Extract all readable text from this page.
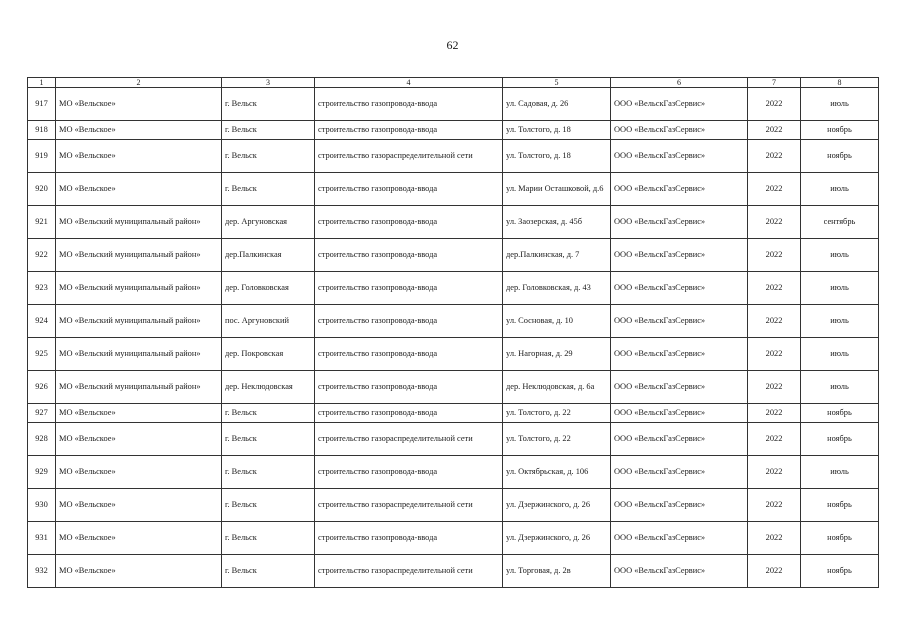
62
1	2	3	4	5	6	7	8
917	МО «Вельское»	г. Вельск	строительство газопровода-ввода	ул. Садовая, д. 26	ООО «ВельскГазСервис»	2022	июль
918	МО «Вельское»	г. Вельск	строительство газопровода-ввода	ул. Толстого, д. 18	ООО «ВельскГазСервис»	2022	ноябрь
919	МО «Вельское»	г. Вельск	строительство газораспределительной сети	ул. Толстого, д. 18	ООО «ВельскГазСервис»	2022	ноябрь
920	МО «Вельское»	г. Вельск	строительство газопровода-ввода	ул. Марии Осташковой, д.6	ООО «ВельскГазСервис»	2022	июль
921	МО «Вельский муниципальный район»	дер. Аргуновская	строительство газопровода-ввода	ул. Заозерская, д. 45б	ООО «ВельскГазСервис»	2022	сентябрь
922	МО «Вельский муниципальный район»	дер.Палкинская	строительство газопровода-ввода	дер.Палкинская, д. 7	ООО «ВельскГазСервис»	2022	июль
923	МО «Вельский муниципальный район»	дер. Головковская	строительство газопровода-ввода	дер. Головковская, д. 43	ООО «ВельскГазСервис»	2022	июль
924	МО «Вельский муниципальный район»	пос. Аргуновский	строительство газопровода-ввода	ул. Сосновая, д. 10	ООО «ВельскГазСервис»	2022	июль
925	МО «Вельский муниципальный район»	дер. Покровская	строительство газопровода-ввода	ул. Нагорная, д. 29	ООО «ВельскГазСервис»	2022	июль
926	МО «Вельский муниципальный район»	дер. Неклюдовская	строительство газопровода-ввода	дер. Неклюдовская, д. 6а	ООО «ВельскГазСервис»	2022	июль
927	МО «Вельское»	г. Вельск	строительство газопровода-ввода	ул. Толстого, д. 22	ООО «ВельскГазСервис»	2022	ноябрь
928	МО «Вельское»	г. Вельск	строительство газораспределительной сети	ул. Толстого, д. 22	ООО «ВельскГазСервис»	2022	ноябрь
929	МО «Вельское»	г. Вельск	строительство газопровода-ввода	ул. Октябрьская, д. 106	ООО «ВельскГазСервис»	2022	июль
930	МО «Вельское»	г. Вельск	строительство газораспределительной сети	ул. Дзержинского, д. 26	ООО «ВельскГазСервис»	2022	ноябрь
931	МО «Вельское»	г. Вельск	строительство газопровода-ввода	ул. Дзержинского, д. 26	ООО «ВельскГазСервис»	2022	ноябрь
932	МО «Вельское»	г. Вельск	строительство газораспределительной сети	ул. Торговая, д. 2в	ООО «ВельскГазСервис»	2022	ноябрь
